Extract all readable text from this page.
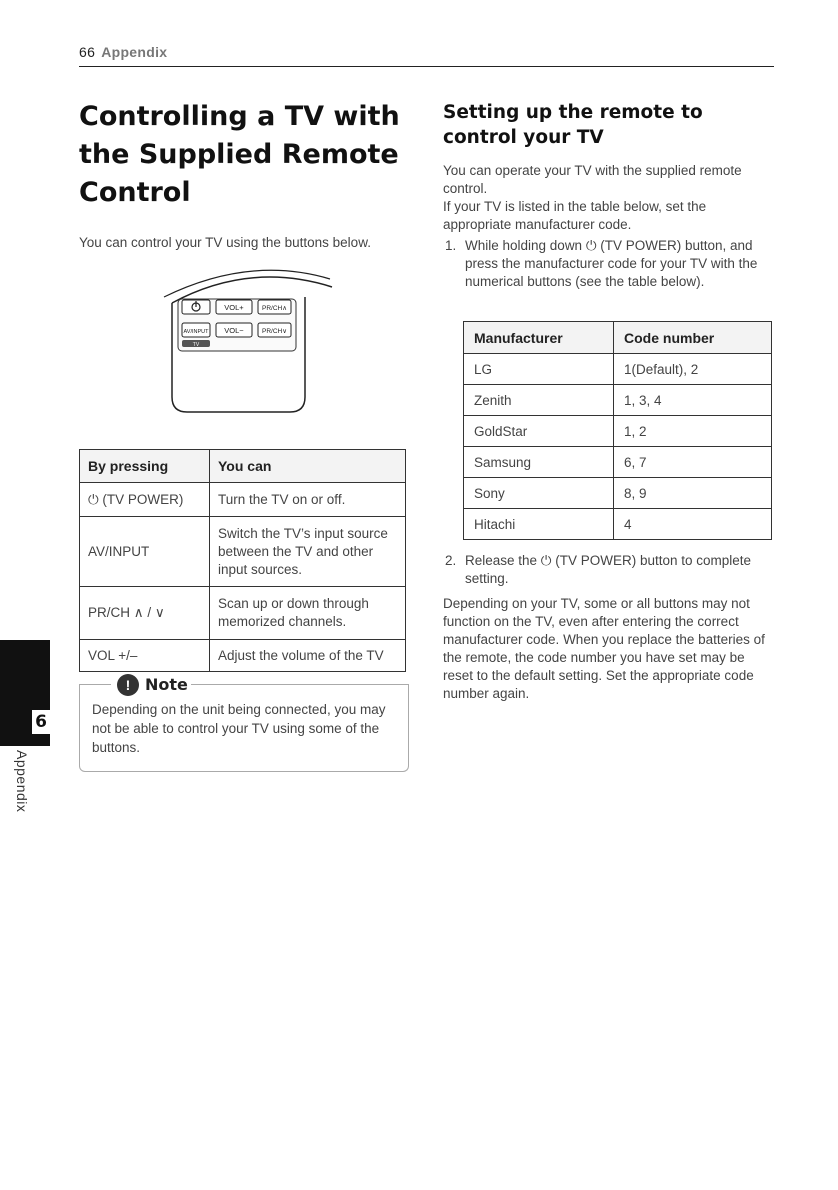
66 Appendix
Controlling a TV with the Supplied Remote Control
You can control your TV using the buttons below.
VOL+	PR/CH∧
AV/INPUT VOL−	PR/CH∨
TV
By pressing	You can
⏻ (TV POWER)	Turn the TV on or off.
AV/INPUT	Switch the TV’s input source between the TV and other input sources.
PR/CH ∧ / ∨	Scan up or down through memorized channels.
VOL +/–	Adjust the volume of the TV
! Note
Depending on the unit being connected, you may not be able to control your TV using some of the buttons.
Setting up the remote to control your TV
You can operate your TV with the supplied remote control.
If your TV is listed in the table below, set the appropriate manufacturer code.
1. While holding down ⏻ (TV POWER) button, and press the manufacturer code for your TV with the numerical buttons (see the table below).
Manufacturer	Code number
LG	1(Default), 2
Zenith	1, 3, 4
GoldStar	1, 2
Samsung	6, 7
Sony	8, 9
Hitachi	4
2. Release the ⏻ (TV POWER) button to complete setting.
Depending on your TV, some or all buttons may not function on the TV, even after entering the correct manufacturer code. When you replace the batteries of the remote, the code number you have set may be reset to the default setting. Set the appropriate code number again.
6
Appendix
